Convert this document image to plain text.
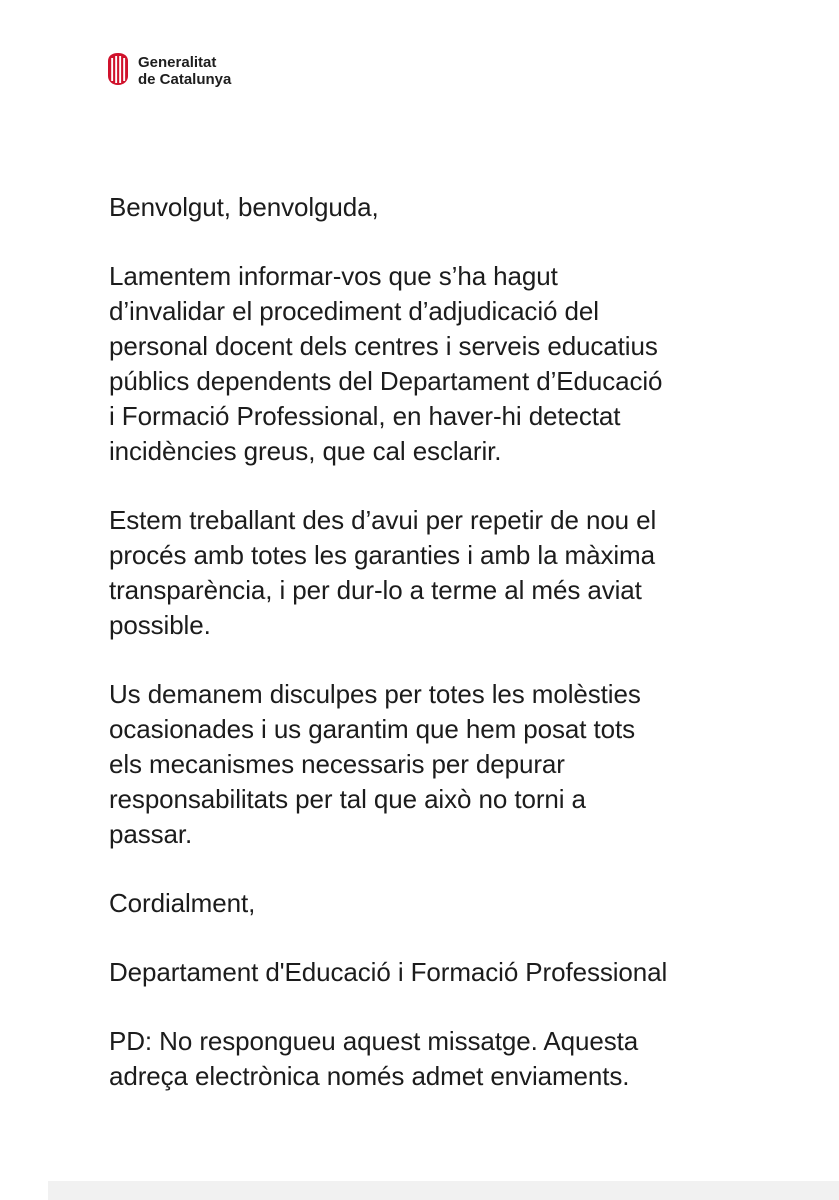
Generalitat
de Catalunya

Benvolgut, benvolguda,

Lamentem informar-vos que s’ha hagut
d’invalidar el procediment d’adjudicació del
personal docent dels centres i serveis educatius
públics dependents del Departament d’Educació
i Formació Professional, en haver-hi detectat
incidències greus, que cal esclarir.

Estem treballant des d’avui per repetir de nou el
procés amb totes les garanties i amb la màxima
transparència, i per dur-lo a terme al més aviat
possible.

Us demanem disculpes per totes les molèsties
ocasionades i us garantim que hem posat tots
els mecanismes necessaris per depurar
responsabilitats per tal que això no torni a
passar.

Cordialment,

Departament d'Educació i Formació Professional

PD: No respongueu aquest missatge. Aquesta
adreça electrònica només admet enviaments.
